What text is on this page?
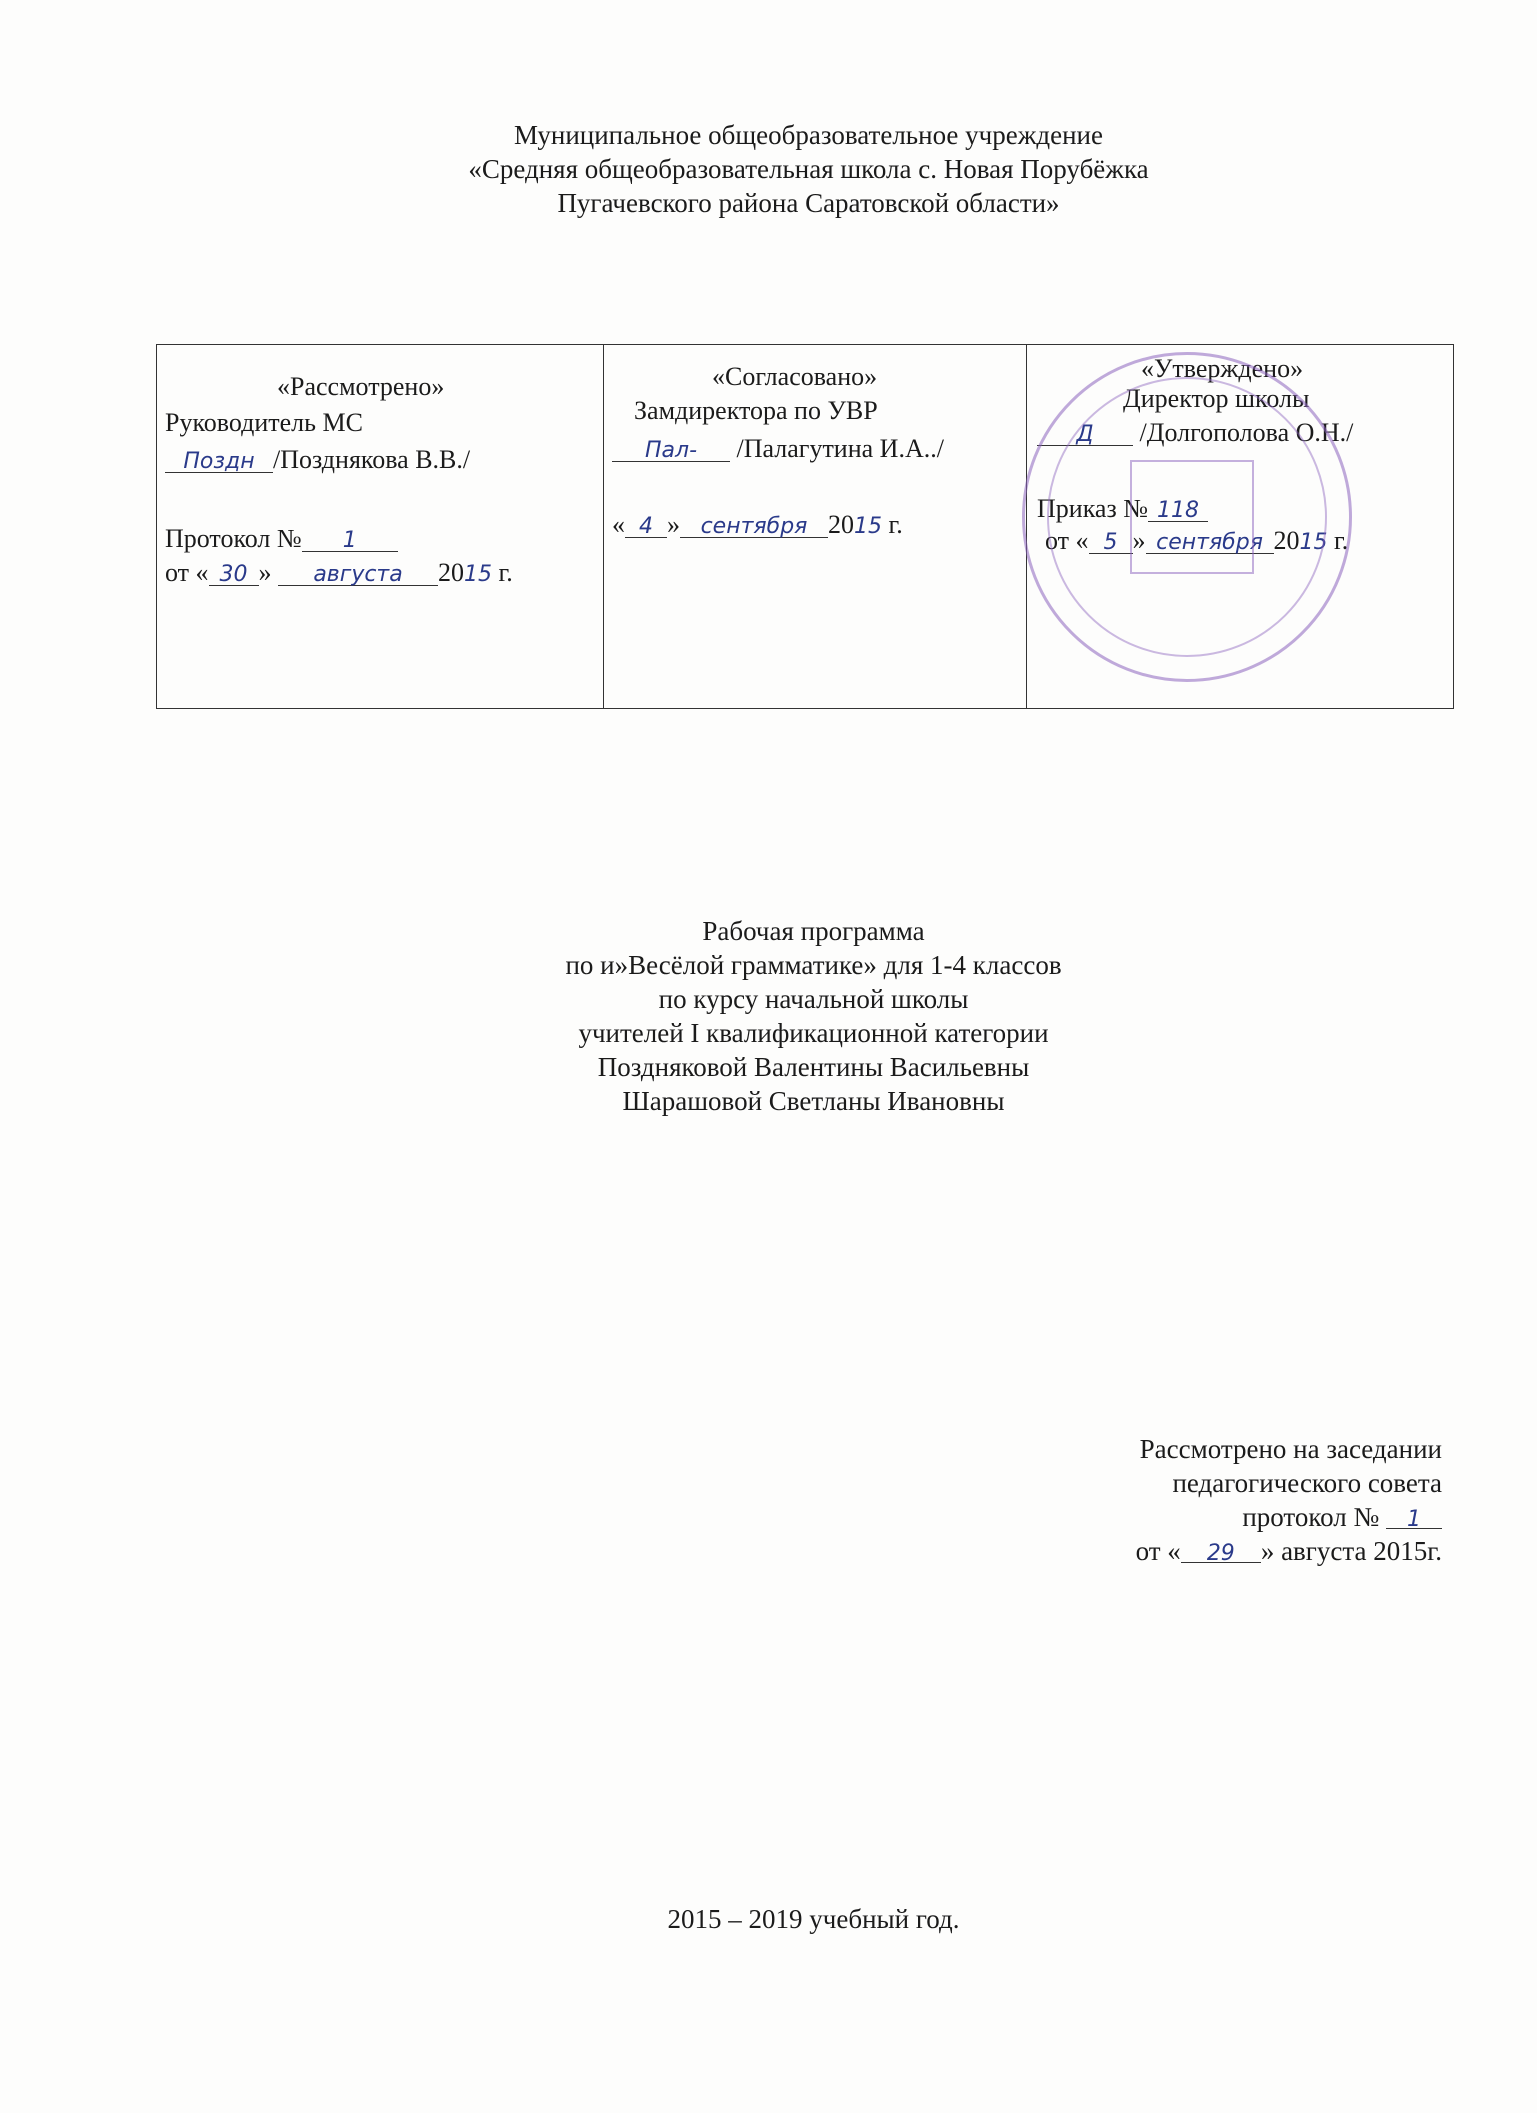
Муниципальное общеобразовательное учреждение
«Средняя общеобразовательная школа с. Новая Порубёжка
Пугачевского района Саратовской области»
«Рассмотрено»
Руководитель МС
Поздн /Позднякова В.В./
Протокол № 1
от « 30 » августа 2015 г.
«Согласовано»
Замдиректора по УВР
Пал- /Палагутина И.А../
« 4 » сентября 2015 г.
«Утверждено»
Директор школы
Д /Долгополова О.Н./
Приказ № 118
от « 5 » сентября 2015 г.
Рабочая программа
по и»Весёлой грамматике» для 1-4 классов
по курсу начальной школы
учителей I квалификационной категории
Поздняковой Валентины Васильевны
Шарашовой Светланы Ивановны
Рассмотрено на заседании
педагогического совета
протокол № 1
от « 29 » августа 2015г.
2015 – 2019 учебный год.
